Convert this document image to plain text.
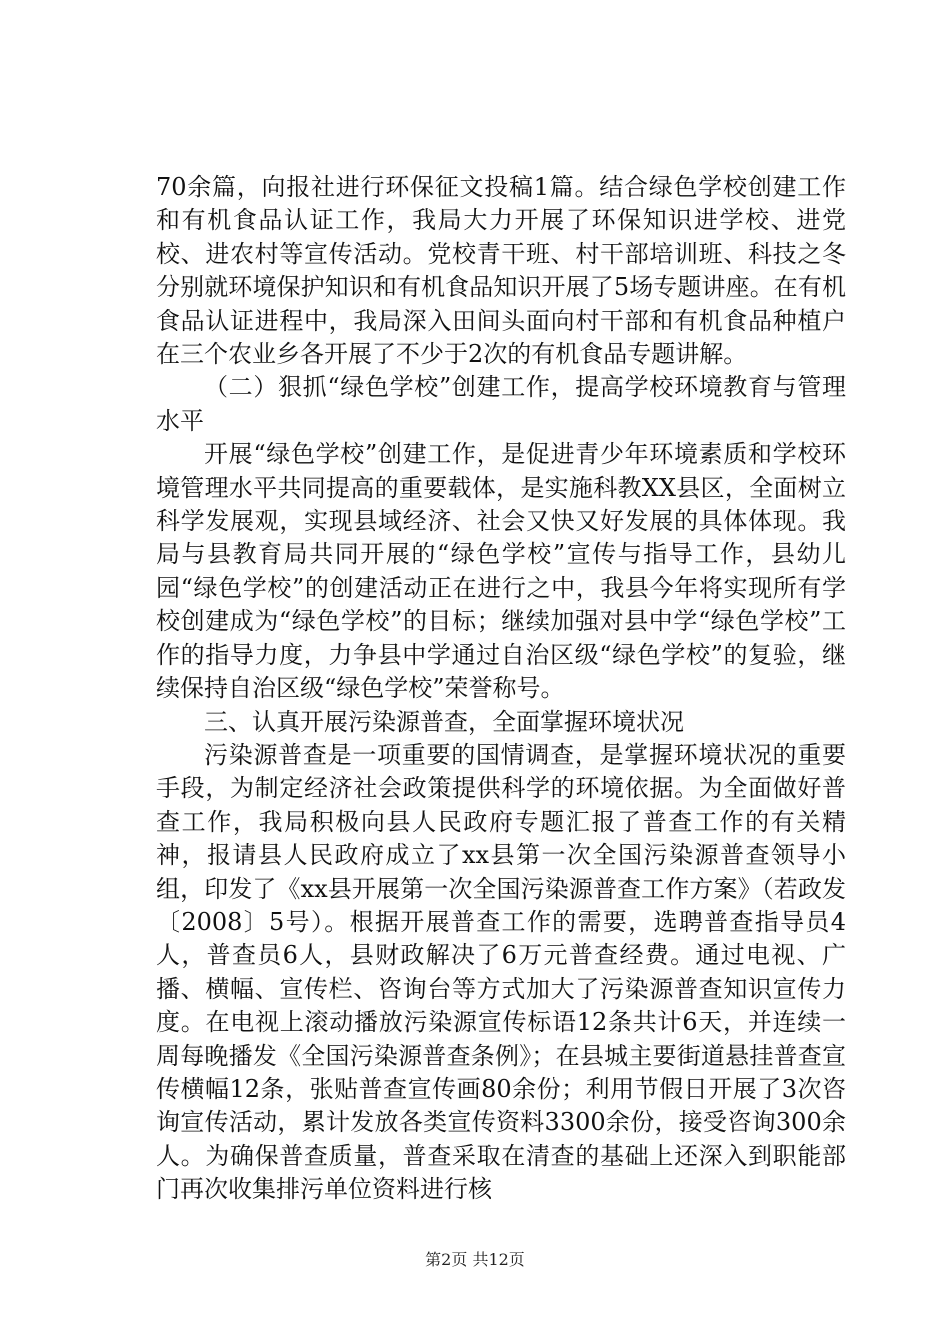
70余篇，向报社进行环保征文投稿1篇。结合绿色学校创建工作和有机食品认证工作，我局大力开展了环保知识进学校、进党校、进农村等宣传活动。党校青干班、村干部培训班、科技之冬分别就环境保护知识和有机食品知识开展了5场专题讲座。在有机食品认证进程中，我局深入田间头面向村干部和有机食品种植户在三个农业乡各开展了不少于2次的有机食品专题讲解。

（二）狠抓“绿色学校”创建工作，提高学校环境教育与管理水平

开展“绿色学校”创建工作，是促进青少年环境素质和学校环境管理水平共同提高的重要载体，是实施科教XX县区，全面树立科学发展观，实现县域经济、社会又快又好发展的具体体现。我局与县教育局共同开展的“绿色学校”宣传与指导工作，县幼儿园“绿色学校”的创建活动正在进行之中，我县今年将实现所有学校创建成为“绿色学校”的目标；继续加强对县中学“绿色学校”工作的指导力度，力争县中学通过自治区级“绿色学校”的复验，继续保持自治区级“绿色学校”荣誉称号。

三、认真开展污染源普查，全面掌握环境状况

污染源普查是一项重要的国情调查，是掌握环境状况的重要手段，为制定经济社会政策提供科学的环境依据。为全面做好普查工作，我局积极向县人民政府专题汇报了普查工作的有关精神，报请县人民政府成立了xx县第一次全国污染源普查领导小组，印发了《xx县开展第一次全国污染源普查工作方案》（若政发〔2008〕5号）。根据开展普查工作的需要，选聘普查指导员4人，普查员6人，县财政解决了6万元普查经费。通过电视、广播、横幅、宣传栏、咨询台等方式加大了污染源普查知识宣传力度。在电视上滚动播放污染源宣传标语12条共计6天，并连续一周每晚播发《全国污染源普查条例》；在县城主要街道悬挂普查宣传横幅12条，张贴普查宣传画80余份；利用节假日开展了3次咨询宣传活动，累计发放各类宣传资料3300余份，接受咨询300余人。为确保普查质量，普查采取在清查的基础上还深入到职能部门再次收集排污单位资料进行核

第2页 共12页
